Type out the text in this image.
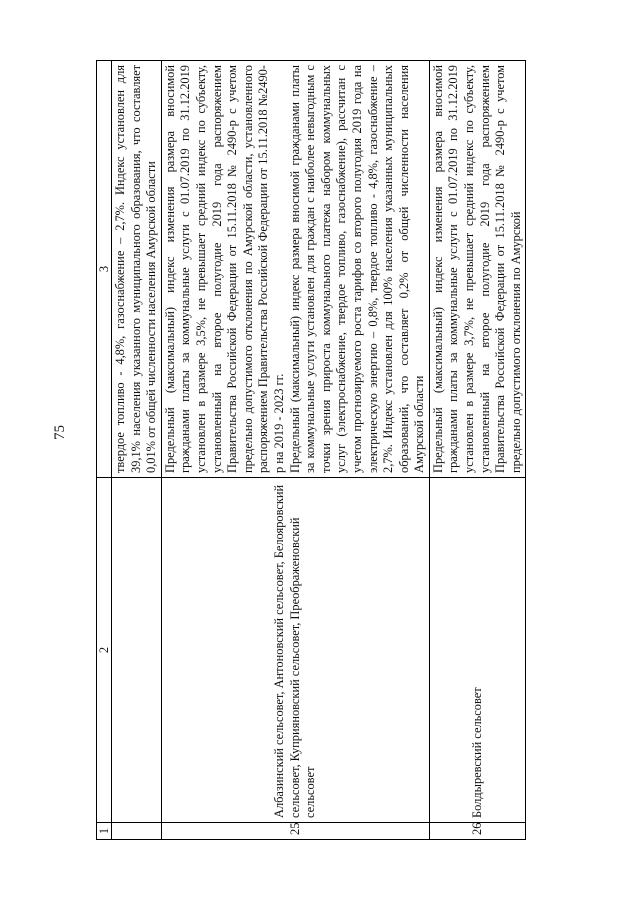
75
1	2	3

		твердое топливо - 4,8%, газоснабжение – 2,7%. Индекс установлен для 39,1% населения указанного муниципального образования, что составляет 0,01% от общей численности населения Амурской области

25	Албазинский сельсовет, Антоновский сельсовет, Белояровский сельсовет, Куприяновский сельсовет, Преображеновский сельсовет	Предельный (максимальный) индекс изменения размера вносимой гражданами платы за коммунальные услуги с 01.07.2019 по 31.12.2019 установлен в размере 3,5%, не превышает средний индекс по субъекту, установленный на второе полугодие 2019 года распоряжением Правительства Российской Федерации от 15.11.2018 № 2490-р с учетом предельно допустимого отклонения по Амурской области, установленного распоряжением Правительства Российской Федерации от 15.11.2018 №2490-р на 2019 - 2023 гг. Предельный (максимальный) индекс размера вносимой гражданами платы за коммунальные услуги установлен для граждан с наиболее невыгодным с точки зрения прироста коммунального платежа набором коммунальных услуг (электроснабжение, твердое топливо, газоснабжение), рассчитан с учетом прогнозируемого роста тарифов со второго полугодия 2019 года на электрическую энергию – 0,8%, твердое топливо - 4,8%, газоснабжение – 2,7%. Индекс установлен для 100% населения указанных муниципальных образований, что составляет 0,2% от общей численности населения Амурской области

26	Болдыревский сельсовет	Предельный (максимальный) индекс изменения размера вносимой гражданами платы за коммунальные услуги с 01.07.2019 по 31.12.2019 установлен в размере 3,7%, не превышает средний индекс по субъекту, установленный на второе полугодие 2019 года распоряжением Правительства Российской Федерации от 15.11.2018 № 2490-р с учетом предельно допустимого отклонения по Амурской
